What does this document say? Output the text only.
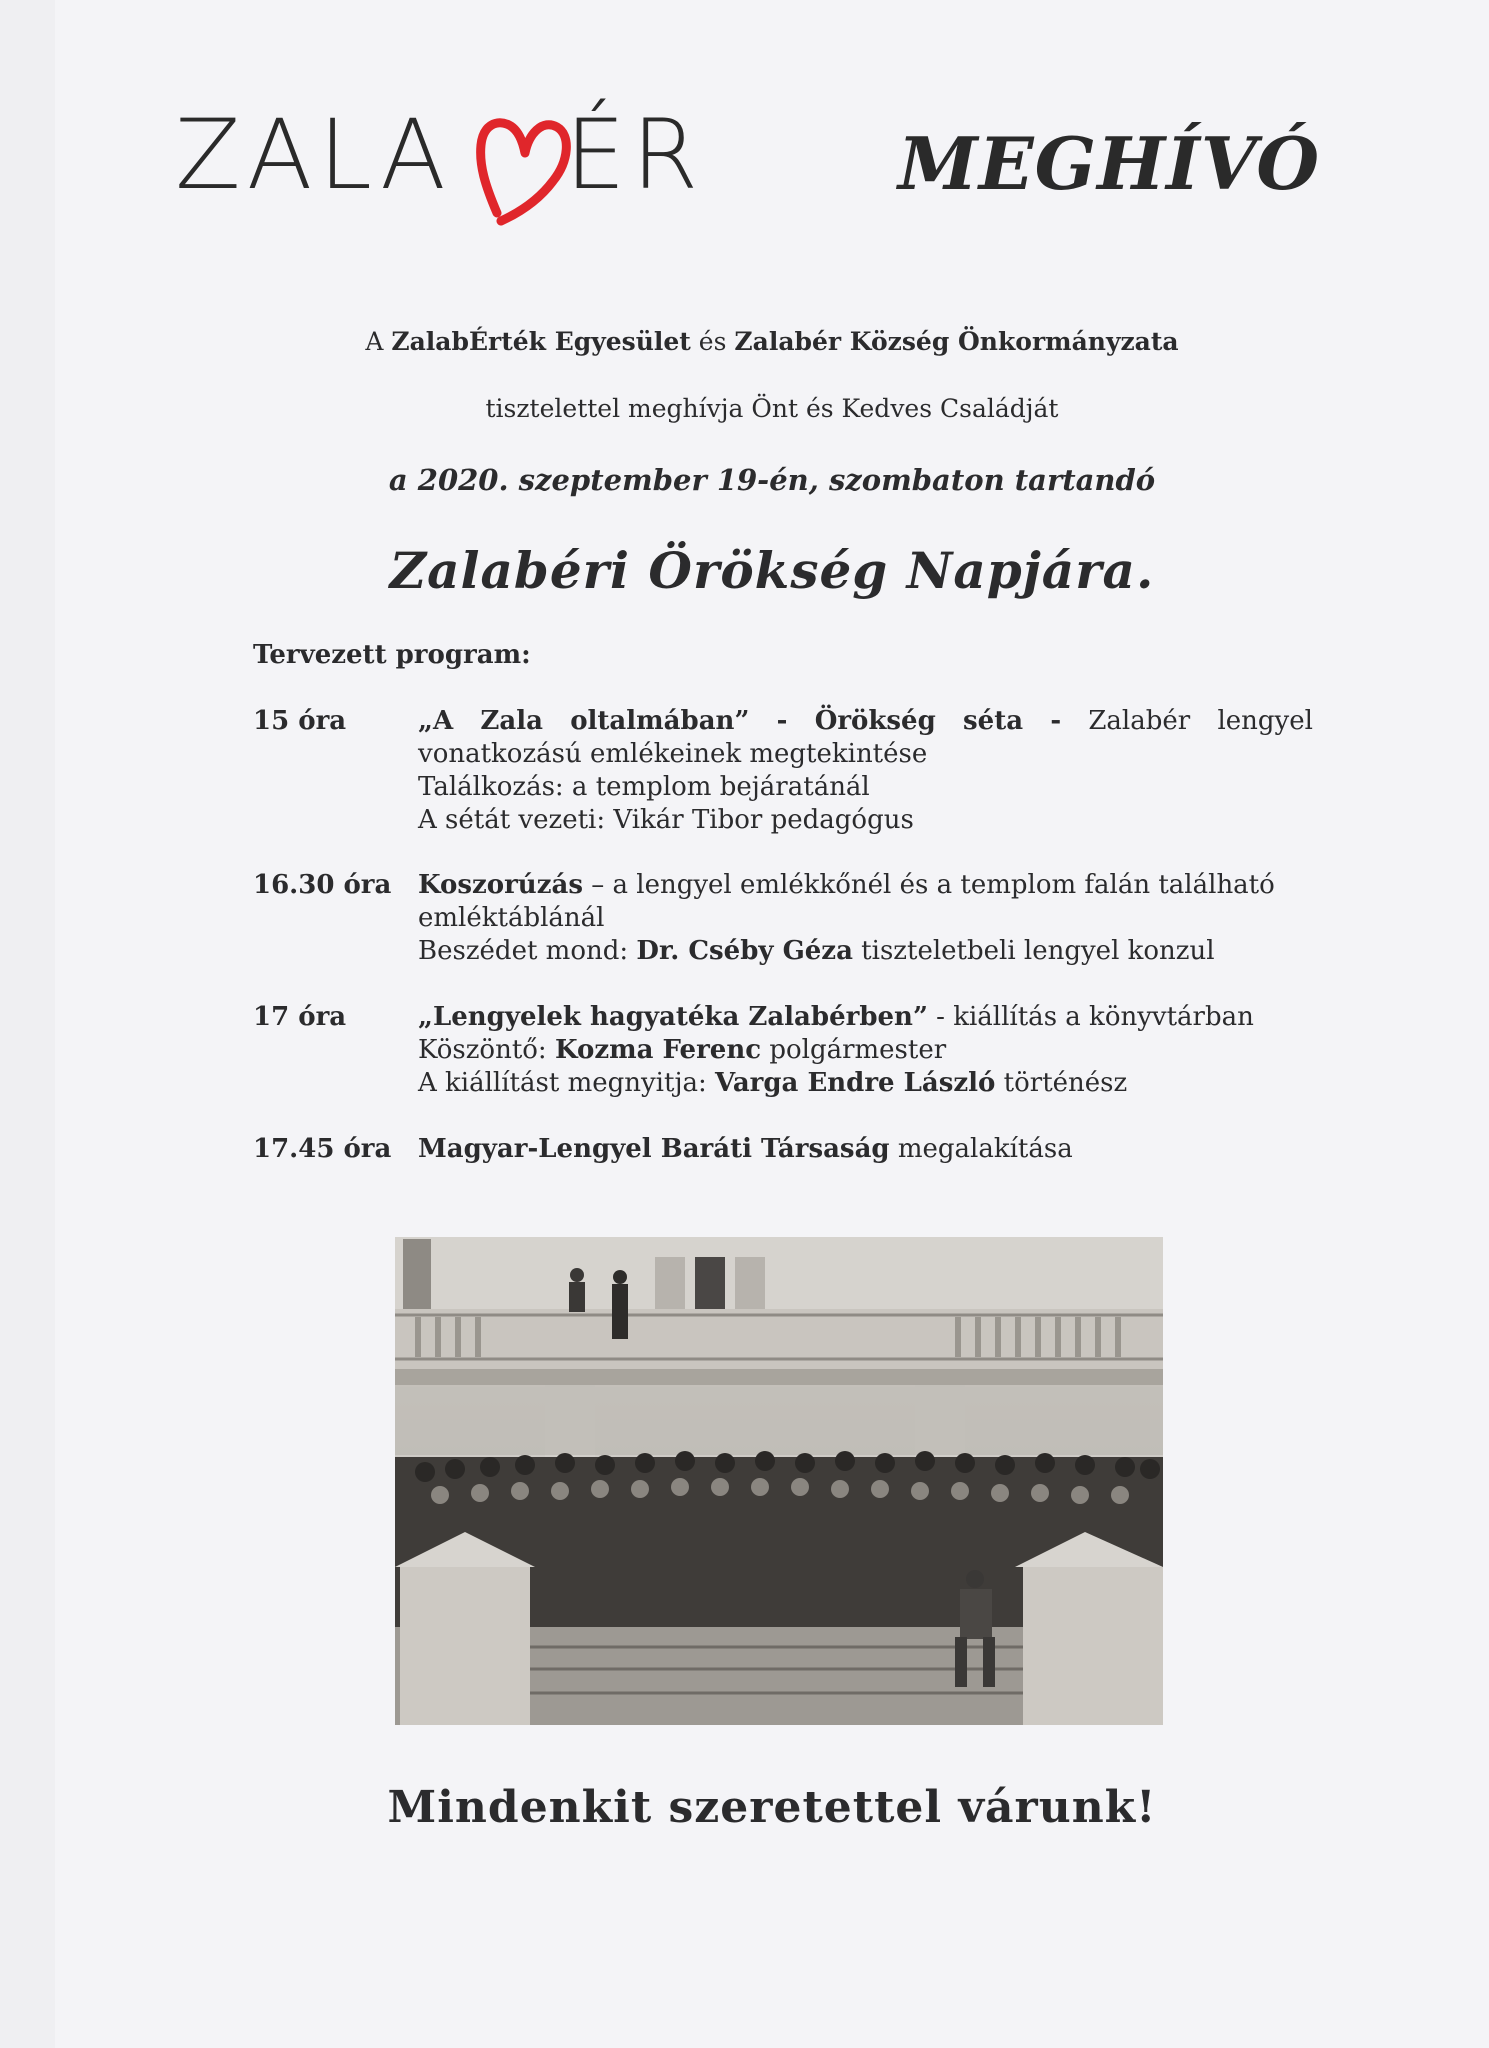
ZALA ÉR	MEGHÍVÓ
A ZalabÉrték Egyesület és Zalabér Község Önkormányzata
tisztelettel meghívja Önt és Kedves Családját
a 2020. szeptember 19-én, szombaton tartandó
Zalabéri Örökség Napjára.
Tervezett program:
15 óra	„A Zala oltalmában” - Örökség séta - Zalabér lengyel
vonatkozású emlékeinek megtekintése
Találkozás: a templom bejáratánál
A sétát vezeti: Vikár Tibor pedagógus
16.30 óra Koszorúzás – a lengyel emlékkőnél és a templom falán található
emléktáblánál
Beszédet mond: Dr. Cséby Géza tiszteletbeli lengyel konzul
17 óra	„Lengyelek hagyatéka Zalabérben” - kiállítás a könyvtárban
Köszöntő: Kozma Ferenc polgármester
A kiállítást megnyitja: Varga Endre László történész
17.45 óra Magyar-Lengyel Baráti Társaság megalakítása
Mindenkit szeretettel várunk!
